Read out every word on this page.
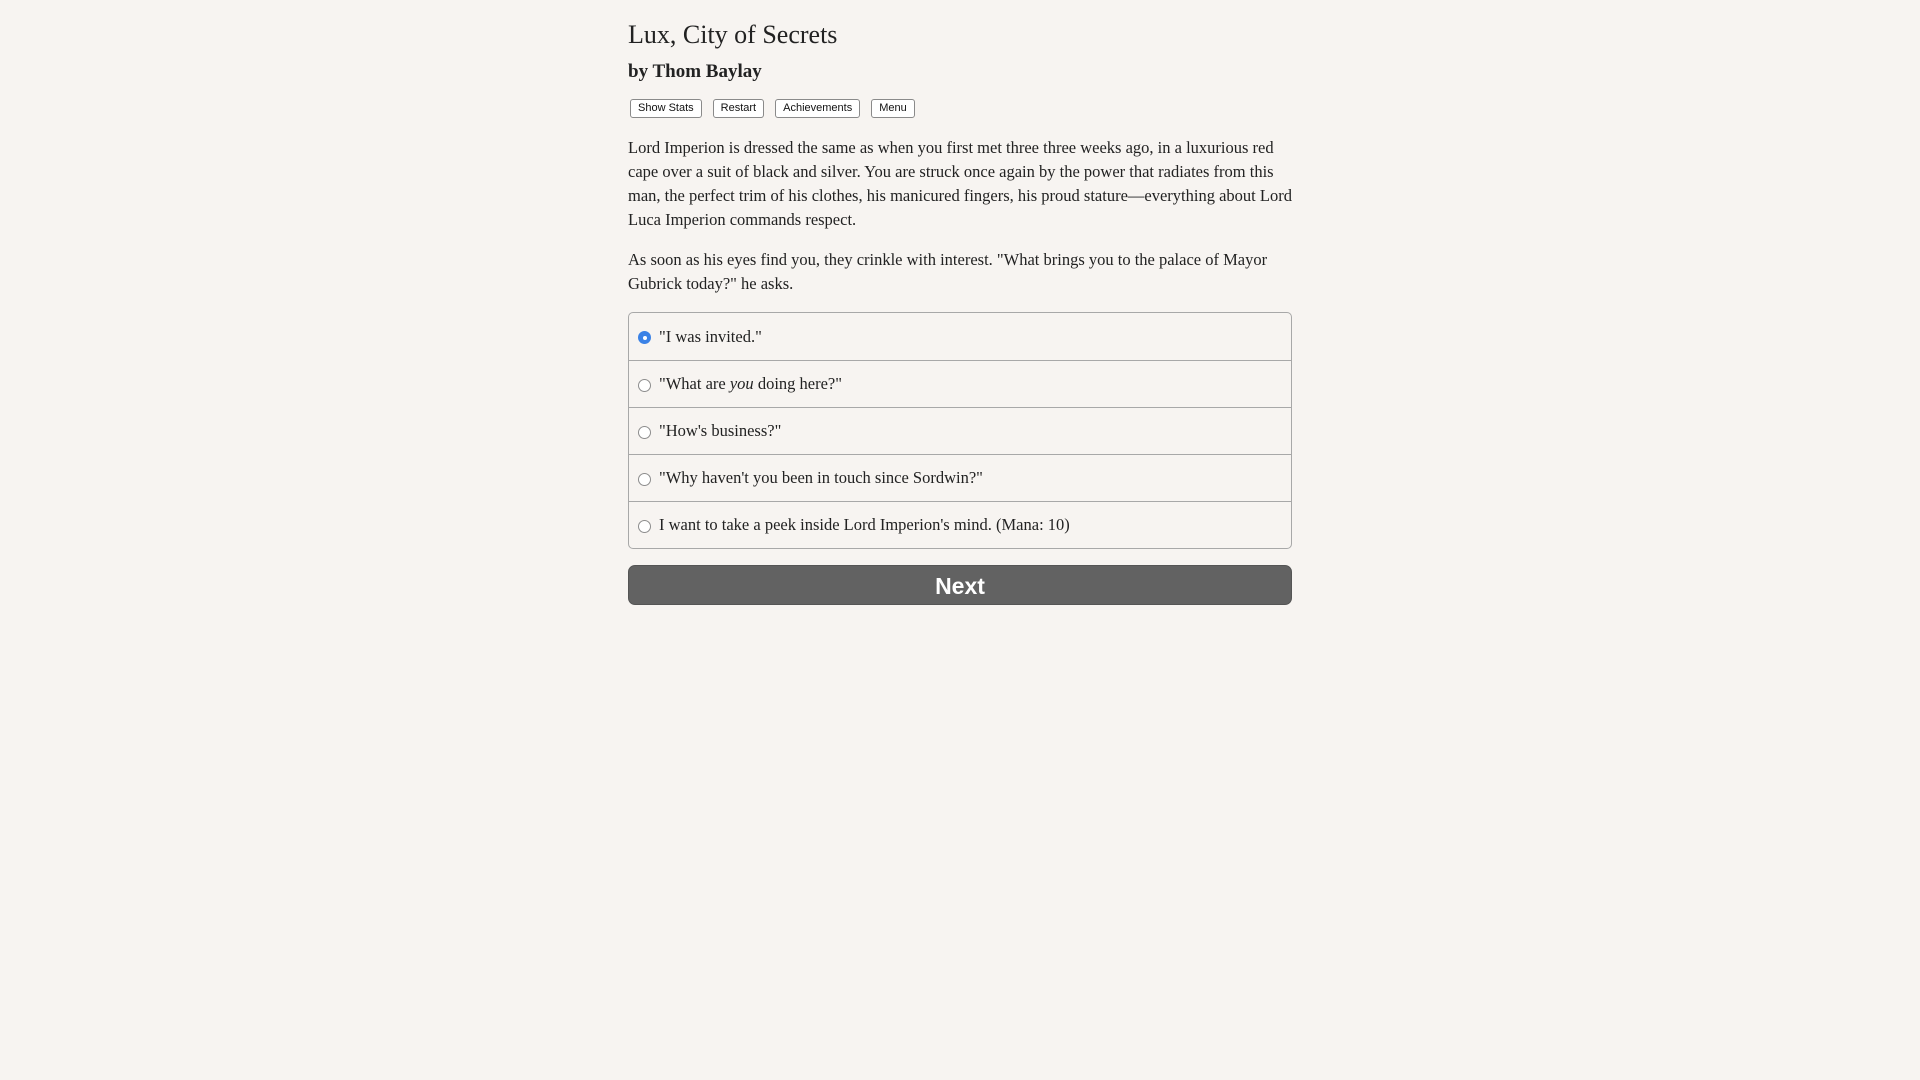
Lux, City of Secrets
by Thom Baylay
Show Stats	Restart	Achievements	Menu

Lord Imperion is dressed the same as when you first met three three weeks ago, in a luxurious red cape over a suit of black and silver. You are struck once again by the power that radiates from this man, the perfect trim of his clothes, his manicured fingers, his proud stature—everything about Lord Luca Imperion commands respect.

As soon as his eyes find you, they crinkle with interest. "What brings you to the palace of Mayor Gubrick today?" he asks.

"I was invited."
"What are you doing here?"
"How's business?"
"Why haven't you been in touch since Sordwin?"
I want to take a peek inside Lord Imperion's mind. (Mana: 10)
Next
